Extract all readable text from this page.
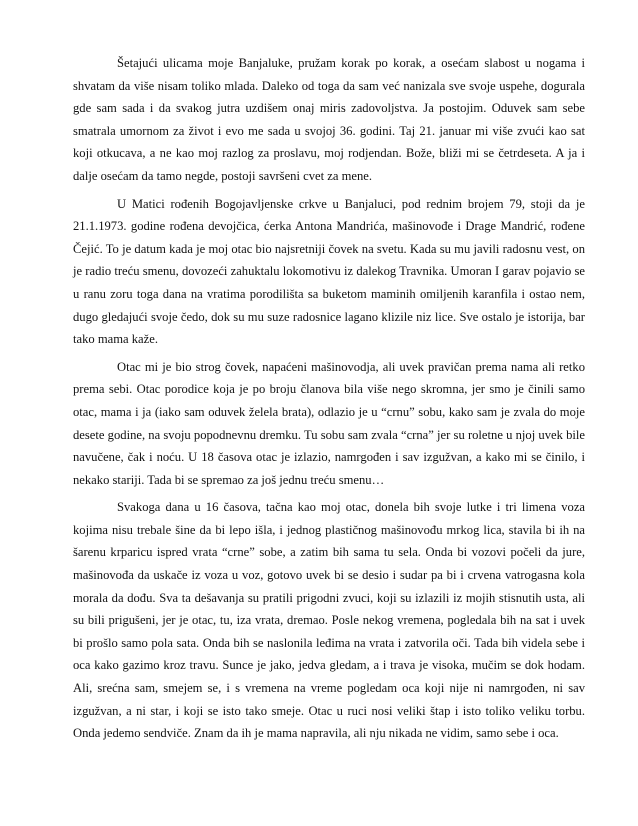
Šetajući ulicama moje Banjaluke, pružam korak po korak, a osećam slabost u nogama i shvatam da više nisam toliko mlada. Daleko od toga da sam već nanizala sve svoje uspehe, dogurala gde sam sada i da svakog jutra uzdišem onaj miris zadovoljstva. Ja postojim. Oduvek sam sebe smatrala umornom za život i evo me sada u svojoj 36. godini. Taj 21. januar mi više zvući kao sat koji otkucava, a ne kao moj razlog za proslavu, moj rodjendan. Bože, bliži mi se četrdeseta. A ja i dalje osećam da tamo negde, postoji savršeni cvet za mene.

U Matici rođenih Bogojavljenske crkve u Banjaluci, pod rednim brojem 79, stoji da je 21.1.1973. godine rođena devojčica, ćerka Antona Mandrića, mašinovođe i Drage Mandrić, rođene Čejić. To je datum kada je moj otac bio najsretniji čovek na svetu. Kada su mu javili radosnu vest, on je radio treću smenu, dovozeći zahuktalu lokomotivu iz dalekog Travnika. Umoran I garav pojavio se u ranu zoru toga dana na vratima porodilišta sa buketom maminih omiljenih karanfila i ostao nem, dugo gledajući svoje čedo, dok su mu suze radosnice lagano klizile niz lice. Sve ostalo je istorija, bar tako mama kaže.

Otac mi je bio strog čovek, napaćeni mašinovodja, ali uvek pravičan prema nama ali retko prema sebi. Otac porodice koja je po broju članova bila više nego skromna, jer smo je činili samo otac, mama i ja (iako sam oduvek želela brata), odlazio je u “crnu” sobu, kako sam je zvala do moje desete godine, na svoju popodnevnu dremku. Tu sobu sam zvala “crna” jer su roletne u njoj uvek bile navučene, čak i noću. U 18 časova otac je izlazio, namrgođen i sav izgužvan, a kako mi se činilo, i nekako stariji. Tada bi se spremao za još jednu treću smenu…

Svakoga dana u 16 časova, tačna kao moj otac, donela bih svoje lutke i tri limena voza kojima nisu trebale šine da bi lepo išla, i jednog plastičnog mašinovođu mrkog lica, stavila bi ih na šarenu krparicu ispred vrata “crne” sobe, a zatim bih sama tu sela. Onda bi vozovi počeli da jure, mašinovođa da uskače iz voza u voz, gotovo uvek bi se desio i sudar pa bi i crvena vatrogasna kola morala da dođu. Sva ta dešavanja su pratili prigodni zvuci, koji su izlazili iz mojih stisnutih usta, ali su bili prigušeni, jer je otac, tu, iza vrata, dremao. Posle nekog vremena, pogledala bih na sat i uvek bi prošlo samo pola sata. Onda bih se naslonila leđima na vrata i zatvorila oči. Tada bih videla sebe i oca kako gazimo kroz travu. Sunce je jako, jedva gledam, a i trava je visoka, mučim se dok hodam. Ali, srećna sam, smejem se, i s vremena na vreme pogledam oca koji nije ni namrgođen, ni sav izgužvan, a ni star, i koji se isto tako smeje. Otac u ruci nosi veliki štap i isto toliko veliku torbu. Onda jedemo sendviče. Znam da ih je mama napravila, ali nju nikada ne vidim, samo sebe i oca.
